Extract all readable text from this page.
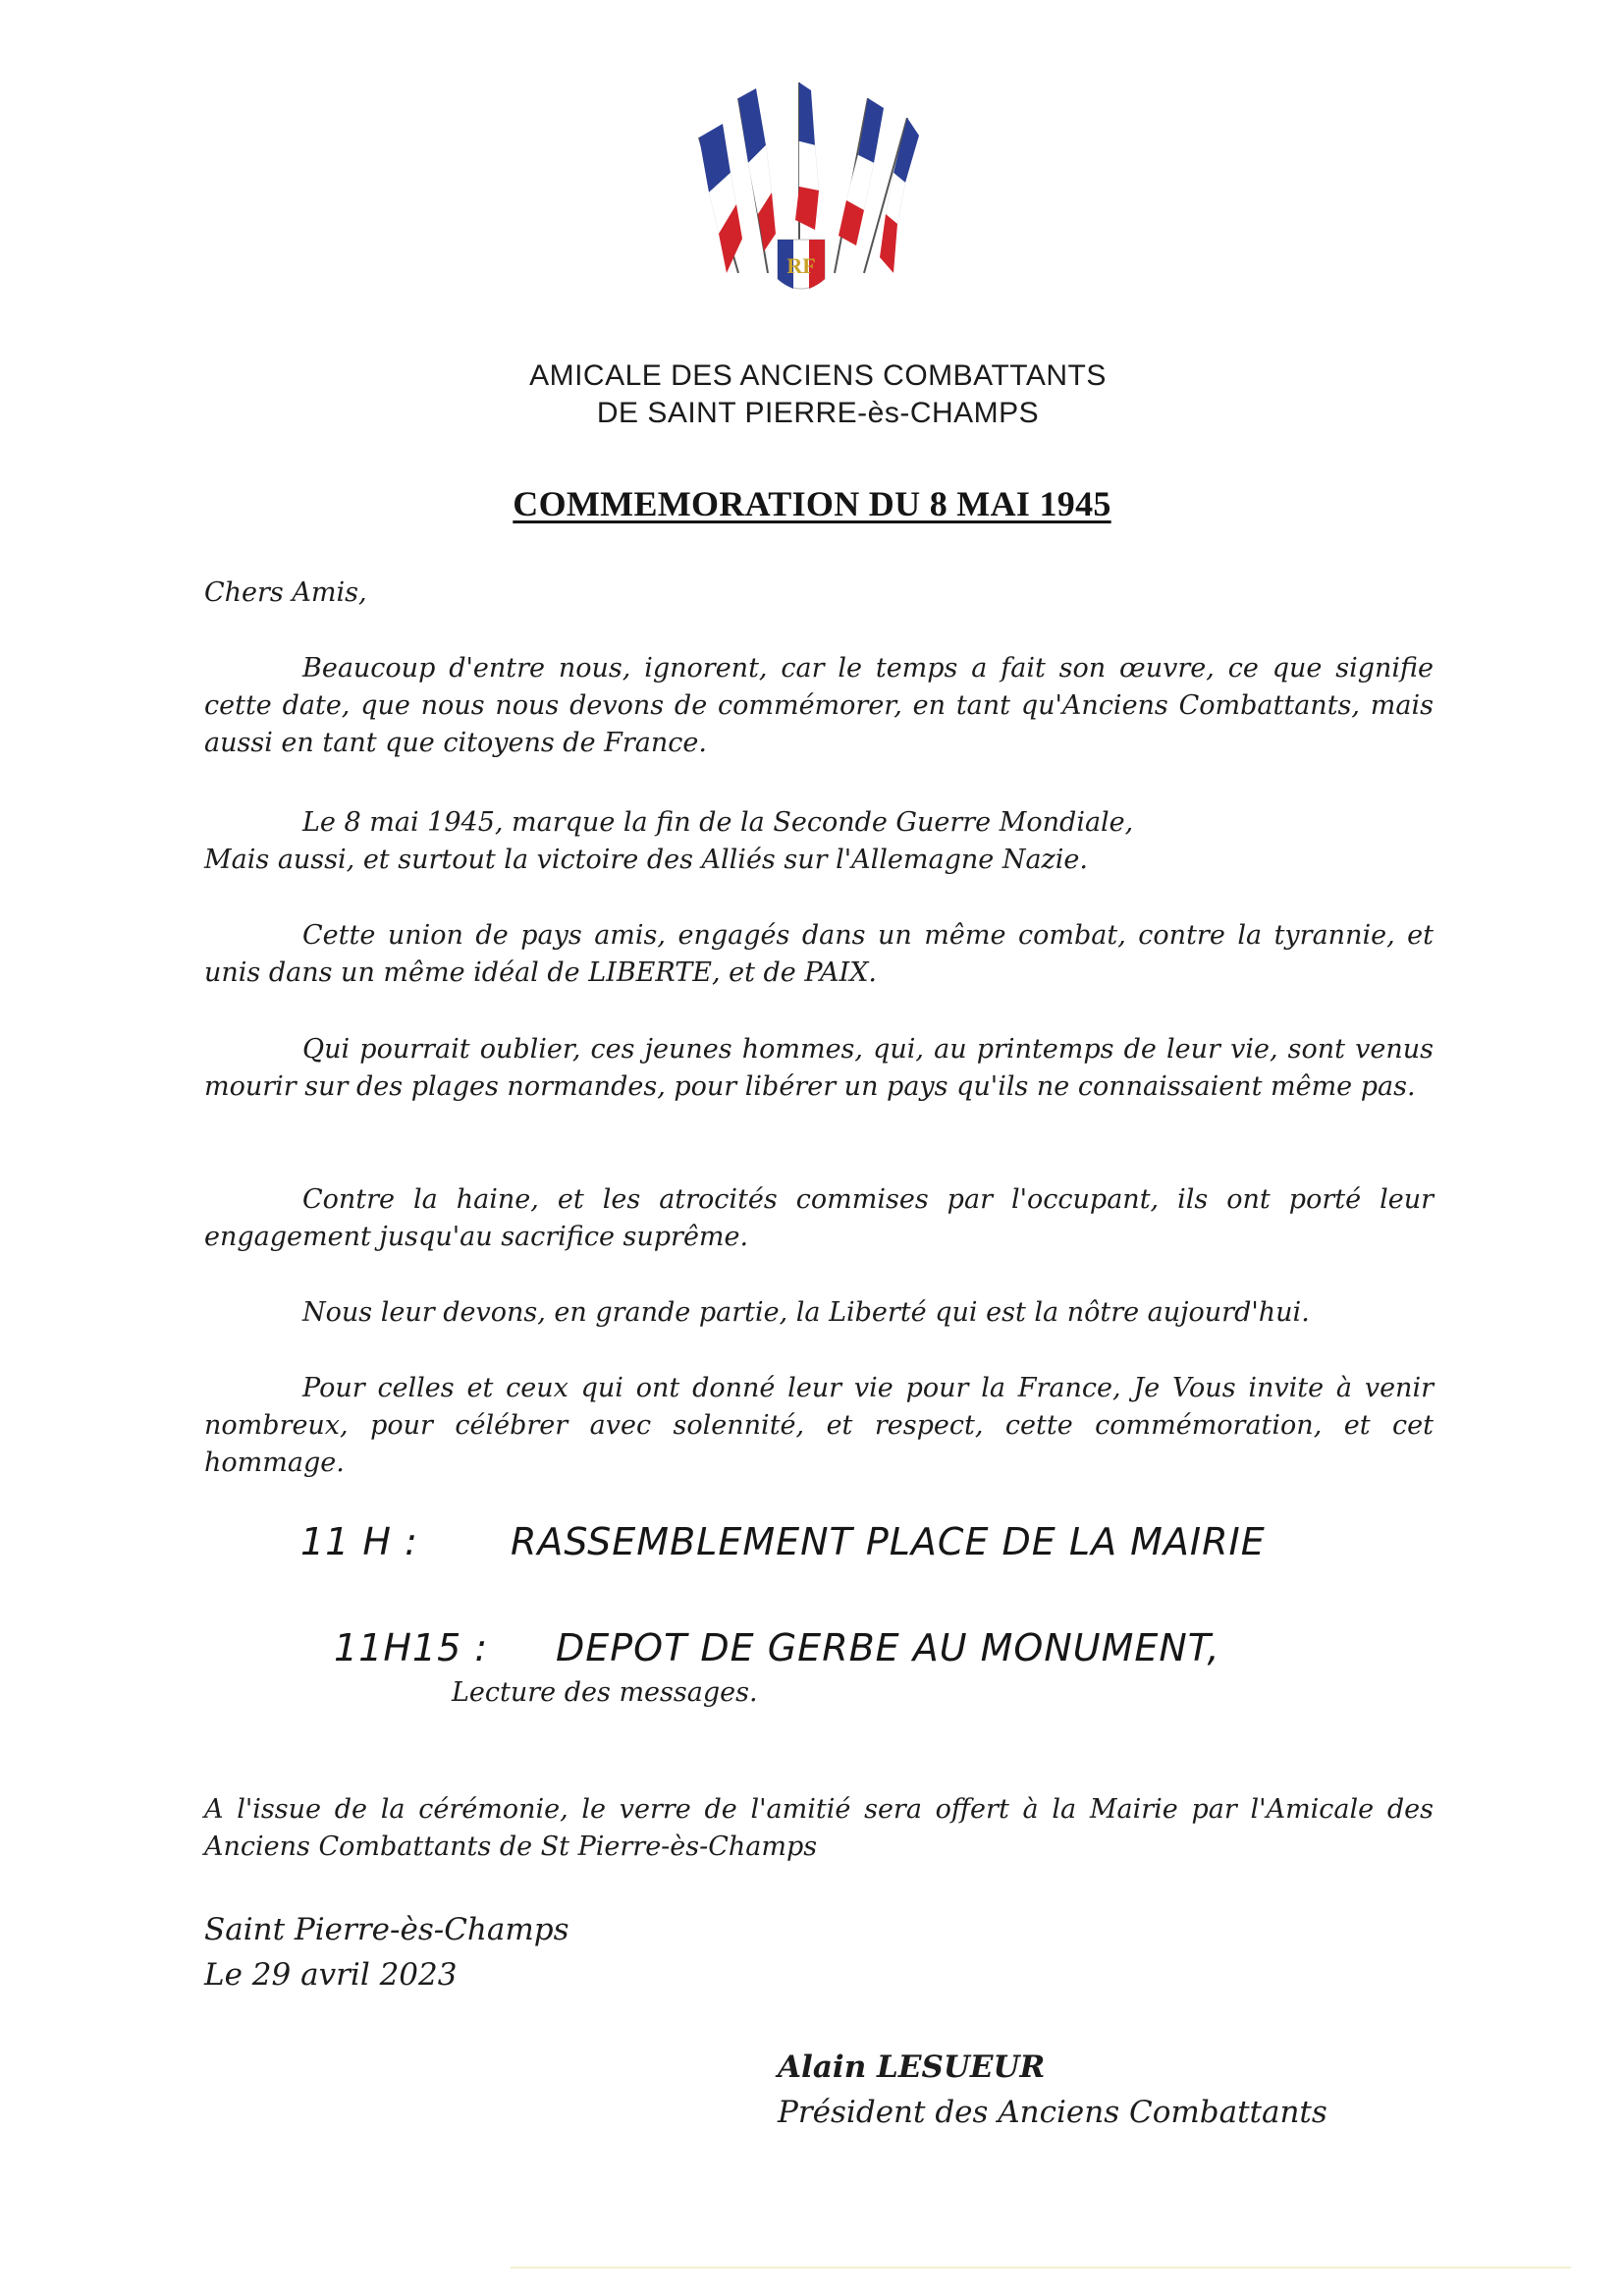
RF
AMICALE DES ANCIENS COMBATTANTS
DE SAINT PIERRE-ès-CHAMPS
COMMEMORATION DU 8 MAI 1945
Chers Amis,

Beaucoup d'entre nous, ignorent, car le temps a fait son œuvre, ce que signifie cette date, que nous nous devons de commémorer, en tant qu'Anciens Combattants, mais aussi en tant que citoyens de France.

Le 8 mai 1945, marque la fin de la Seconde Guerre Mondiale,
Mais aussi, et surtout la victoire des Alliés sur l'Allemagne Nazie.

Cette union de pays amis, engagés dans un même combat, contre la tyrannie, et unis dans un même idéal de LIBERTE, et de PAIX.

Qui pourrait oublier, ces jeunes hommes, qui, au printemps de leur vie, sont venus mourir sur des plages normandes, pour libérer un pays qu'ils ne connaissaient même pas.

Contre la haine, et les atrocités commises par l'occupant, ils ont porté leur engagement jusqu'au sacrifice suprême.

Nous leur devons, en grande partie, la Liberté qui est la nôtre aujourd'hui.

Pour celles et ceux qui ont donné leur vie pour la France, Je Vous invite à venir nombreux, pour célébrer avec solennité, et respect, cette commémoration, et cet hommage.

11 H : RASSEMBLEMENT PLACE DE LA MAIRIE
11H15 : DEPOT DE GERBE AU MONUMENT,
Lecture des messages.

A l'issue de la cérémonie, le verre de l'amitié sera offert à la Mairie par l'Amicale des Anciens Combattants de St Pierre-ès-Champs

Saint Pierre-ès-Champs
Le 29 avril 2023
Alain LESUEUR
Président des Anciens Combattants
